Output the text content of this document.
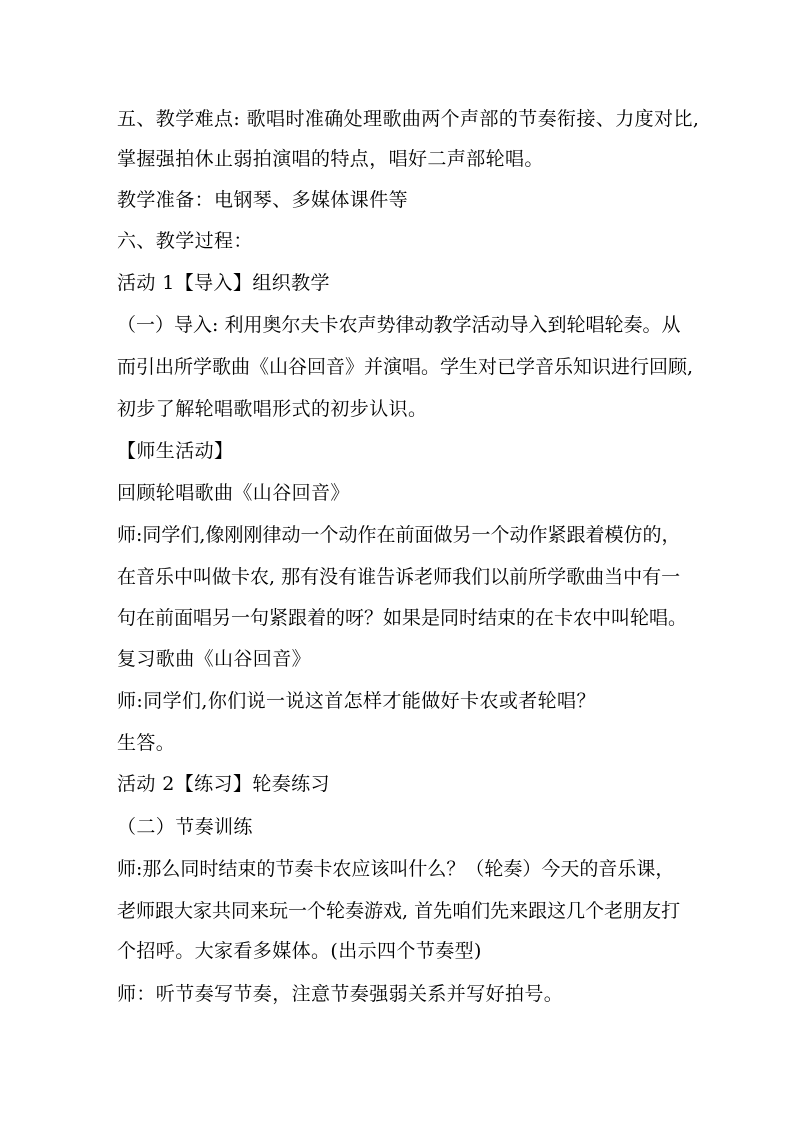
五、教学难点: 歌唱时准确处理歌曲两个声部的节奏衔接、力度对比,
掌握强拍休止弱拍演唱的特点，唱好二声部轮唱。
教学准备：电钢琴、多媒体课件等
六、教学过程：
活动 1【导入】组织教学
（一）导入: 利用奥尔夫卡农声势律动教学活动导入到轮唱轮奏。从
而引出所学歌曲《山谷回音》并演唱。学生对已学音乐知识进行回顾,
初步了解轮唱歌唱形式的初步认识。
【师生活动】
回顾轮唱歌曲《山谷回音》
师:同学们,像刚刚律动一个动作在前面做另一个动作紧跟着模仿的，
在音乐中叫做卡农, 那有没有谁告诉老师我们以前所学歌曲当中有一
句在前面唱另一句紧跟着的呀？如果是同时结束的在卡农中叫轮唱。
复习歌曲《山谷回音》
师:同学们,你们说一说这首怎样才能做好卡农或者轮唱？
生答。
活动 2【练习】轮奏练习
（二）节奏训练
师:那么同时结束的节奏卡农应该叫什么？（轮奏）今天的音乐课，
老师跟大家共同来玩一个轮奏游戏, 首先咱们先来跟这几个老朋友打
个招呼。大家看多媒体。(出示四个节奏型)
师：听节奏写节奏，注意节奏强弱关系并写好拍号。
